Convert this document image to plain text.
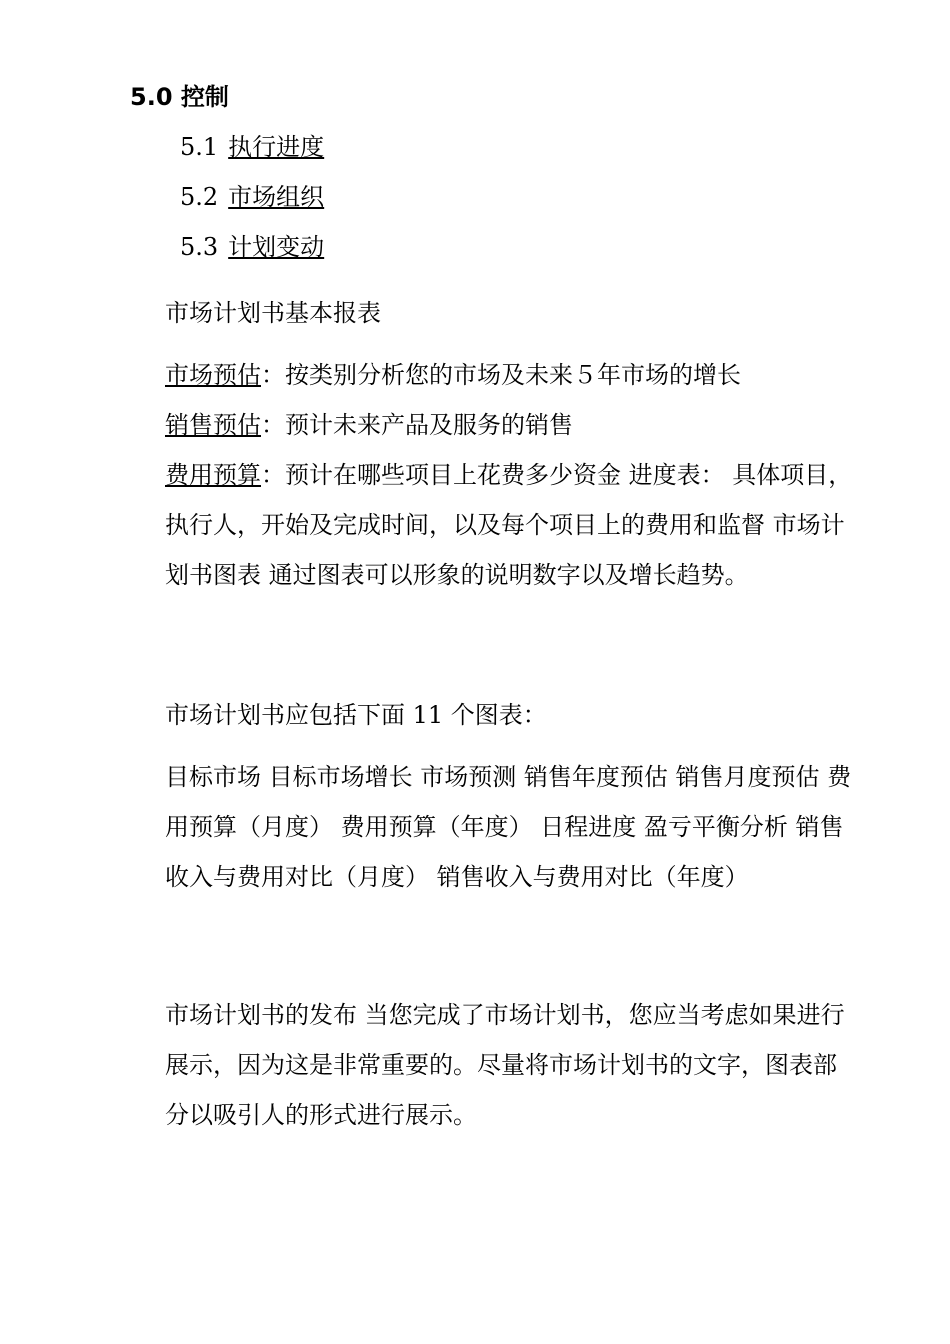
5.0 控制
5.1 执行进度
5.2 市场组织
5.3 计划变动
市场计划书基本报表

市场预估：按类别分析您的市场及未来５年市场的增长

销售预估：预计未来产品及服务的销售

费用预算：预计在哪些项目上花费多少资金 进度表： 具体项目，执行人，开始及完成时间，以及每个项目上的费用和监督 市场计划书图表 通过图表可以形象的说明数字以及增长趋势。

市场计划书应包括下面 11 个图表：

目标市场 目标市场增长 市场预测 销售年度预估 销售月度预估 费用预算（月度） 费用预算（年度） 日程进度 盈亏平衡分析 销售收入与费用对比（月度） 销售收入与费用对比（年度）

市场计划书的发布 当您完成了市场计划书，您应当考虑如果进行展示，因为这是非常重要的。尽量将市场计划书的文字，图表部分以吸引人的形式进行展示。
